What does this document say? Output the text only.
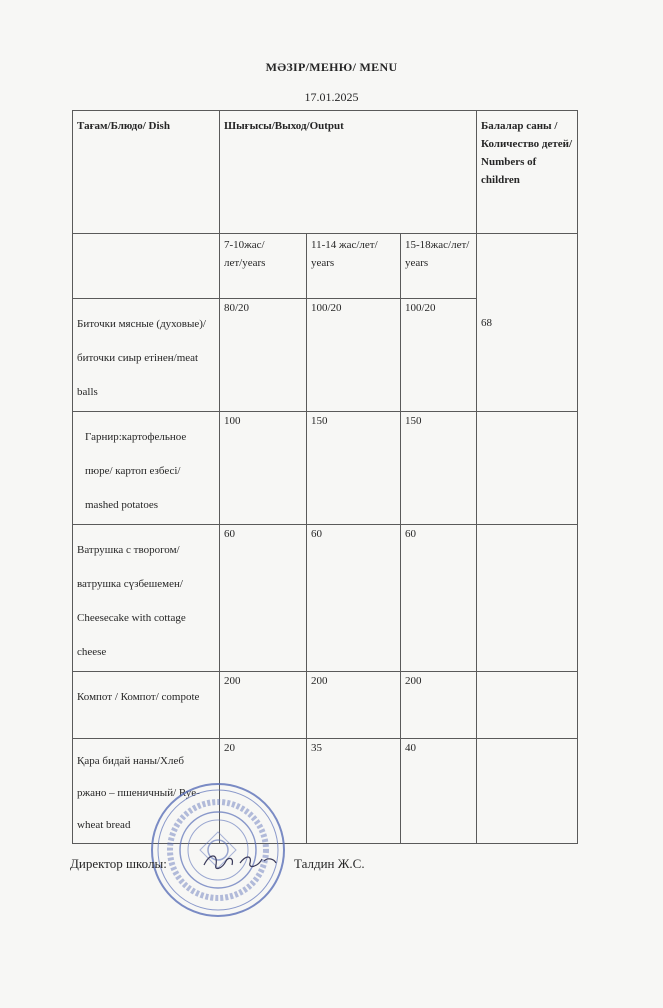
МӘЗІР/МЕНЮ/ MENU
17.01.2025
Тағам/Блюдо/ Dish	Шығысы/Выход/Output			Балалар саны /Количество детей/ Numbers of children
	7-10жас/лет/years	11-14 жас/лет/ years	15-18жас/лет/ years	68

Биточки мясные (духовые)/биточки сиыр етінен/meat balls	80/20	100/20	100/20	

Гарнир:картофельное пюре/ картоп езбесі/ mashed potatoes	100	150	150	

Ватрушка с творогом/ ватрушка сүзбешемен/ Cheesecake with cottage cheese	60	60	60	

Компот / Компот/ compote	200	200	200	

Қара бидай наны/Хлеб ржано – пшеничный/ Rye-wheat bread	20	35	40	
Директор школы:	Талдин Ж.С.
